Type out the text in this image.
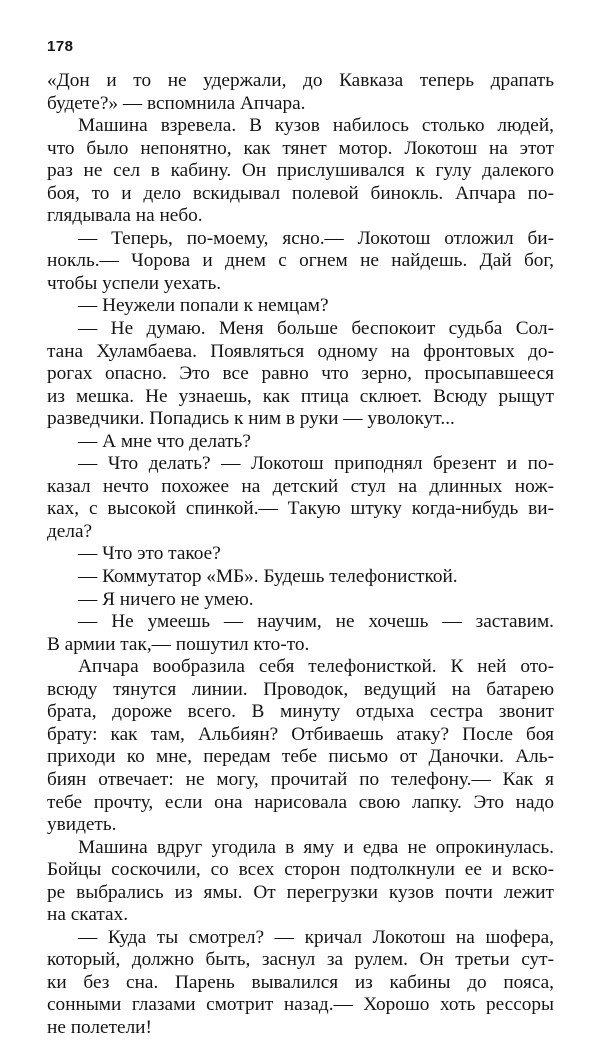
178
«Дон и то не удержали, до Кавказа теперь драпать
будете?» — вспомнила Апчара.
Машина взревела. В кузов набилось столько людей,
что было непонятно, как тянет мотор. Локотош на этот
раз не сел в кабину. Он прислушивался к гулу далекого
боя, то и дело вскидывал полевой бинокль. Апчара по-
глядывала на небо.
— Теперь, по-моему, ясно.— Локотош отложил би-
нокль.— Чорова и днем с огнем не найдешь. Дай бог,
чтобы успели уехать.
— Неужели попали к немцам?
— Не думаю. Меня больше беспокоит судьба Сол-
тана Хуламбаева. Появляться одному на фронтовых до-
рогах опасно. Это все равно что зерно, просыпавшееся
из мешка. Не узнаешь, как птица склюет. Всюду рыщут
разведчики. Попадись к ним в руки — уволокут...
— А мне что делать?
— Что делать? — Локотош приподнял брезент и по-
казал нечто похожее на детский стул на длинных нож-
ках, с высокой спинкой.— Такую штуку когда-нибудь ви-
дела?
— Что это такое?
— Коммутатор «МБ». Будешь телефонисткой.
— Я ничего не умею.
— Не умеешь — научим, не хочешь — заставим.
В армии так,— пошутил кто-то.
Апчара вообразила себя телефонисткой. К ней ото-
всюду тянутся линии. Проводок, ведущий на батарею
брата, дороже всего. В минуту отдыха сестра звонит
брату: как там, Альбиян? Отбиваешь атаку? После боя
приходи ко мне, передам тебе письмо от Даночки. Аль-
биян отвечает: не могу, прочитай по телефону.— Как я
тебе прочту, если она нарисовала свою лапку. Это надо
увидеть.
Машина вдруг угодила в яму и едва не опрокинулась.
Бойцы соскочили, со всех сторон подтолкнули ее и вско-
ре выбрались из ямы. От перегрузки кузов почти лежит
на скатах.
— Куда ты смотрел? — кричал Локотош на шофера,
который, должно быть, заснул за рулем. Он третьи сут-
ки без сна. Парень вывалился из кабины до пояса,
сонными глазами смотрит назад.— Хорошо хоть рессоры
не полетели!
